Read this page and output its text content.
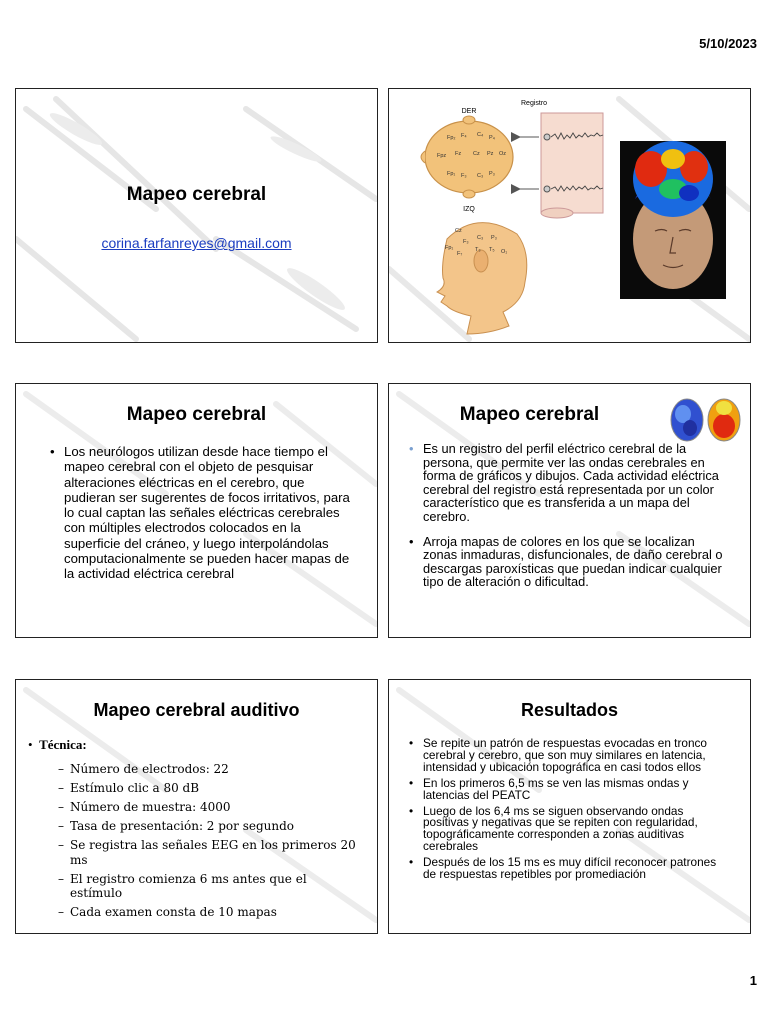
5/10/2023
Mapeo cerebral
corina.farfanreyes@gmail.com
DER
IZQ
Fp₂ F₄ C₄ P₄
Fpz Fz Cz Pz Oz
Fp₁ F₃ C₃ P₃
Registro
Cz
F₃
C₃ P₃
Fp₁
F₇
T₃ T₅ O₁
Mapeo cerebral
• Los neurólogos utilizan desde hace tiempo el mapeo cerebral con el objeto de pesquisar alteraciones eléctricas en el cerebro, que pudieran ser sugerentes de focos irritativos, para lo cual captan las señales eléctricas cerebrales con múltiples electrodos colocados en la superficie del cráneo, y luego interpolándolas computacionalmente se pueden hacer mapas de la actividad eléctrica cerebral
Mapeo cerebral
• Es un registro del perfil eléctrico cerebral de la persona, que permite ver las ondas cerebrales en forma de gráficos y dibujos. Cada actividad eléctrica cerebral del registro está representada por un color característico que es transferida a un mapa del cerebro.
• Arroja mapas de colores en los que se localizan zonas inmaduras, disfuncionales, de daño cerebral o descargas paroxísticas que puedan indicar cualquier tipo de alteración o dificultad.
Mapeo cerebral auditivo
•  Técnica:
– Número de electrodos: 22
– Estímulo clic a 80 dB
– Número de muestra: 4000
– Tasa de presentación: 2 por segundo
– Se registra las señales EEG en los primeros 20 ms
– El registro comienza 6 ms antes que el estímulo
– Cada examen consta de 10 mapas
Resultados
• Se repite un patrón de respuestas evocadas en tronco cerebral y cerebro, que son muy similares en latencia, intensidad y ubicación topográfica en casi todos ellos
• En los primeros 6,5 ms se ven las mismas ondas y latencias del PEATC
• Luego de los 6,4 ms se siguen observando ondas positivas y negativas que se repiten con regularidad, topográficamente corresponden a zonas auditivas cerebrales
• Después de los 15 ms es muy difícil reconocer patrones de respuestas repetibles por promediación
1
